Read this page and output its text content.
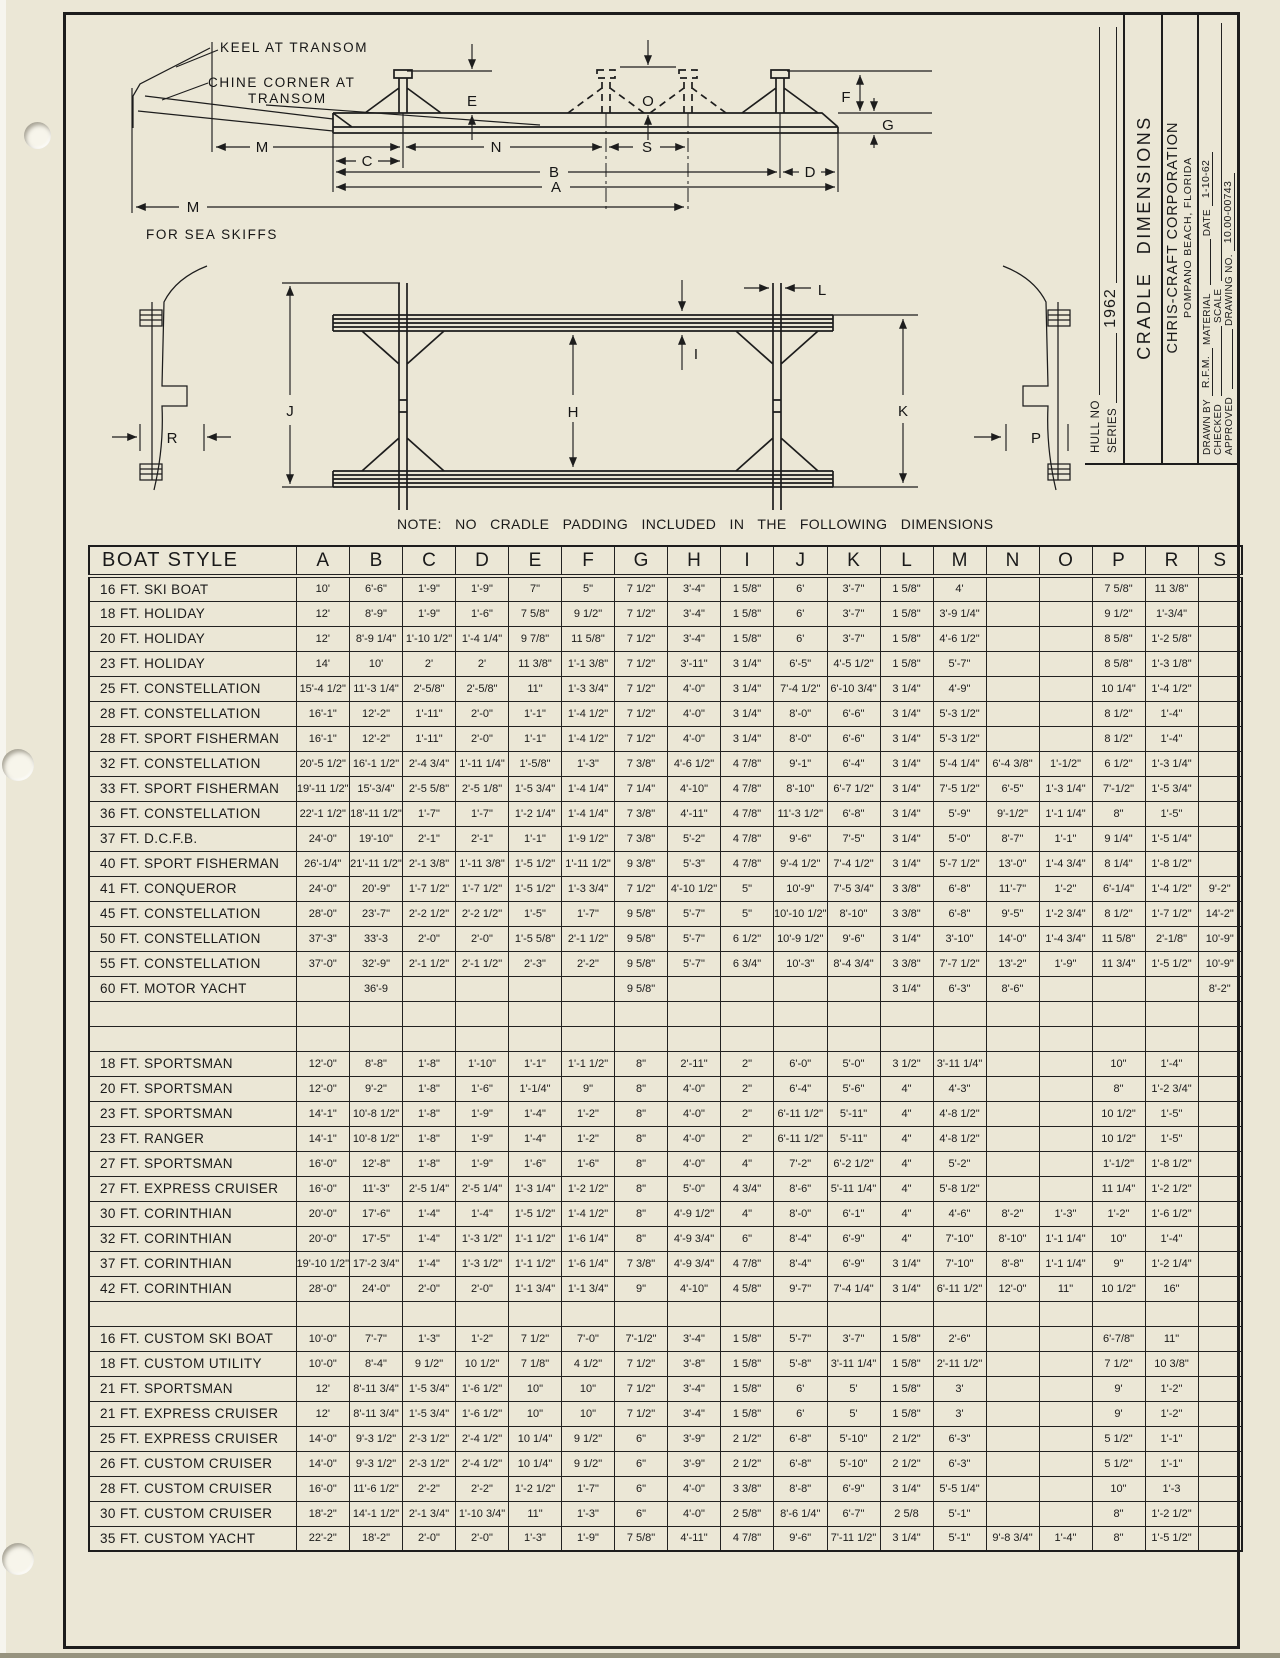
KEEL AT TRANSOM
CHINE CORNER AT
TRANSOM
FOR SEA SKIFFS
E	O	F
G
M	N	S
C
B	D
A
M
J	H
I
L
K
R	P
NOTE: NO CRADLE PADDING INCLUDED IN THE FOLLOWING DIMENSIONS
HULL NO SERIES
1962 CRADLE DIMENSIONS CHRIS-CRAFT CORPORATION POMPANO BEACH, FLORIDA
DRAWN BY
R.F.M.
MATERIAL
DATE
1-10-62
CHECKED
SCALE
APPROVED
DRAWING NO.
10.00-00743
BOAT STYLE	A	B	C	D	E	F	G	H	I	J	K	L	M	N	O	P	R	S
16 FT. SKI BOAT	10'	6'-6"	1'-9"	1'-9"	7"	5"	7 1/2"	3'-4"	1 5/8"	6'	3'-7"	1 5/8"	4'			7 5/8"	11 3/8"	
18 FT. HOLIDAY	12'	8'-9"	1'-9"	1'-6"	7 5/8"	9 1/2"	7 1/2"	3'-4"	1 5/8"	6'	3'-7"	1 5/8"	3'-9 1/4"			9 1/2"	1'-3/4"	
20 FT. HOLIDAY	12'	8'-9 1/4"	1'-10 1/2"	1'-4 1/4"	9 7/8"	11 5/8"	7 1/2"	3'-4"	1 5/8"	6'	3'-7"	1 5/8"	4'-6 1/2"			8 5/8"	1'-2 5/8"	
23 FT. HOLIDAY	14'	10'	2'	2'	11 3/8"	1'-1 3/8"	7 1/2"	3'-11"	3 1/4"	6'-5"	4'-5 1/2"	1 5/8"	5'-7"			8 5/8"	1'-3 1/8"	
25 FT. CONSTELLATION	15'-4 1/2"	11'-3 1/4"	2'-5/8"	2'-5/8"	11"	1'-3 3/4"	7 1/2"	4'-0"	3 1/4"	7'-4 1/2"	6'-10 3/4"	3 1/4"	4'-9"			10 1/4"	1'-4 1/2"	
28 FT. CONSTELLATION	16'-1"	12'-2"	1'-11"	2'-0"	1'-1"	1'-4 1/2"	7 1/2"	4'-0"	3 1/4"	8'-0"	6'-6"	3 1/4"	5'-3 1/2"			8 1/2"	1'-4"	
28 FT. SPORT FISHERMAN	16'-1"	12'-2"	1'-11"	2'-0"	1'-1"	1'-4 1/2"	7 1/2"	4'-0"	3 1/4"	8'-0"	6'-6"	3 1/4"	5'-3 1/2"			8 1/2"	1'-4"	
32 FT. CONSTELLATION	20'-5 1/2"	16'-1 1/2"	2'-4 3/4"	1'-11 1/4"	1'-5/8"	1'-3"	7 3/8"	4'-6 1/2"	4 7/8"	9'-1"	6'-4"	3 1/4"	5'-4 1/4"	6'-4 3/8"	1'-1/2"	6 1/2"	1'-3 1/4"	
33 FT. SPORT FISHERMAN	19'-11 1/2"	15'-3/4"	2'-5 5/8"	2'-5 1/8"	1'-5 3/4"	1'-4 1/4"	7 1/4"	4'-10"	4 7/8"	8'-10"	6'-7 1/2"	3 1/4"	7'-5 1/2"	6'-5"	1'-3 1/4"	7'-1/2"	1'-5 3/4"	
36 FT. CONSTELLATION	22'-1 1/2"	18'-11 1/2"	1'-7"	1'-7"	1'-2 1/4"	1'-4 1/4"	7 3/8"	4'-11"	4 7/8"	11'-3 1/2"	6'-8"	3 1/4"	5'-9"	9'-1/2"	1'-1 1/4"	8"	1'-5"	
37 FT. D.C.F.B.	24'-0"	19'-10"	2'-1"	2'-1"	1'-1"	1'-9 1/2"	7 3/8"	5'-2"	4 7/8"	9'-6"	7'-5"	3 1/4"	5'-0"	8'-7"	1'-1"	9 1/4"	1'-5 1/4"	
40 FT. SPORT FISHERMAN	26'-1/4"	21'-11 1/2"	2'-1 3/8"	1'-11 3/8"	1'-5 1/2"	1'-11 1/2"	9 3/8"	5'-3"	4 7/8"	9'-4 1/2"	7'-4 1/2"	3 1/4"	5'-7 1/2"	13'-0"	1'-4 3/4"	8 1/4"	1'-8 1/2"	
41 FT. CONQUEROR	24'-0"	20'-9"	1'-7 1/2"	1'-7 1/2"	1'-5 1/2"	1'-3 3/4"	7 1/2"	4'-10 1/2"	5"	10'-9"	7'-5 3/4"	3 3/8"	6'-8"	11'-7"	1'-2"	6'-1/4"	1'-4 1/2"	9'-2"
45 FT. CONSTELLATION	28'-0"	23'-7"	2'-2 1/2"	2'-2 1/2"	1'-5"	1'-7"	9 5/8"	5'-7"	5"	10'-10 1/2"	8'-10"	3 3/8"	6'-8"	9'-5"	1'-2 3/4"	8 1/2"	1'-7 1/2"	14'-2"
50 FT. CONSTELLATION	37'-3"	33'-3	2'-0"	2'-0"	1'-5 5/8"	2'-1 1/2"	9 5/8"	5'-7"	6 1/2"	10'-9 1/2"	9'-6"	3 1/4"	3'-10"	14'-0"	1'-4 3/4"	11 5/8"	2'-1/8"	10'-9"
55 FT. CONSTELLATION	37'-0"	32'-9"	2'-1 1/2"	2'-1 1/2"	2'-3"	2'-2"	9 5/8"	5'-7"	6 3/4"	10'-3"	8'-4 3/4"	3 3/8"	7'-7 1/2"	13'-2"	1'-9"	11 3/4"	1'-5 1/2"	10'-9"
60 FT. MOTOR YACHT		36'-9					9 5/8"					3 1/4"	6'-3"	8'-6"				8'-2"

18 FT. SPORTSMAN	12'-0"	8'-8"	1'-8"	1'-10"	1'-1"	1'-1 1/2"	8"	2'-11"	2"	6'-0"	5'-0"	3 1/2"	3'-11 1/4"			10"	1'-4"	
20 FT. SPORTSMAN	12'-0"	9'-2"	1'-8"	1'-6"	1'-1/4"	9"	8"	4'-0"	2"	6'-4"	5'-6"	4"	4'-3"			8"	1'-2 3/4"	
23 FT. SPORTSMAN	14'-1"	10'-8 1/2"	1'-8"	1'-9"	1'-4"	1'-2"	8"	4'-0"	2"	6'-11 1/2"	5'-11"	4"	4'-8 1/2"			10 1/2"	1'-5"	
23 FT. RANGER	14'-1"	10'-8 1/2"	1'-8"	1'-9"	1'-4"	1'-2"	8"	4'-0"	2"	6'-11 1/2"	5'-11"	4"	4'-8 1/2"			10 1/2"	1'-5"	
27 FT. SPORTSMAN	16'-0"	12'-8"	1'-8"	1'-9"	1'-6"	1'-6"	8"	4'-0"	4"	7'-2"	6'-2 1/2"	4"	5'-2"			1'-1/2"	1'-8 1/2"	
27 FT. EXPRESS CRUISER	16'-0"	11'-3"	2'-5 1/4"	2'-5 1/4"	1'-3 1/4"	1'-2 1/2"	8"	5'-0"	4 3/4"	8'-6"	5'-11 1/4"	4"	5'-8 1/2"			11 1/4"	1'-2 1/2"	
30 FT. CORINTHIAN	20'-0"	17'-6"	1'-4"	1'-4"	1'-5 1/2"	1'-4 1/2"	8"	4'-9 1/2"	4"	8'-0"	6'-1"	4"	4'-6"	8'-2"	1'-3"	1'-2"	1'-6 1/2"	
32 FT. CORINTHIAN	20'-0"	17'-5"	1'-4"	1'-3 1/2"	1'-1 1/2"	1'-6 1/4"	8"	4'-9 3/4"	6"	8'-4"	6'-9"	4"	7'-10"	8'-10"	1'-1 1/4"	10"	1'-4"	
37 FT. CORINTHIAN	19'-10 1/2"	17'-2 3/4"	1'-4"	1'-3 1/2"	1'-1 1/2"	1'-6 1/4"	7 3/8"	4'-9 3/4"	4 7/8"	8'-4"	6'-9"	3 1/4"	7'-10"	8'-8"	1'-1 1/4"	9"	1'-2 1/4"	
42 FT. CORINTHIAN	28'-0"	24'-0"	2'-0"	2'-0"	1'-1 3/4"	1'-1 3/4"	9"	4'-10"	4 5/8"	9'-7"	7'-4 1/4"	3 1/4"	6'-11 1/2"	12'-0"	11"	10 1/2"	16"	

16 FT. CUSTOM SKI BOAT	10'-0"	7'-7"	1'-3"	1'-2"	7 1/2"	7'-0"	7'-1/2"	3'-4"	1 5/8"	5'-7"	3'-7"	1 5/8"	2'-6"			6'-7/8"	11"	
18 FT. CUSTOM UTILITY	10'-0"	8'-4"	9 1/2"	10 1/2"	7 1/8"	4 1/2"	7 1/2"	3'-8"	1 5/8"	5'-8"	3'-11 1/4"	1 5/8"	2'-11 1/2"			7 1/2"	10 3/8"	
21 FT. SPORTSMAN	12'	8'-11 3/4"	1'-5 3/4"	1'-6 1/2"	10"	10"	7 1/2"	3'-4"	1 5/8"	6'	5'	1 5/8"	3'			9'	1'-2"	
21 FT. EXPRESS CRUISER	12'	8'-11 3/4"	1'-5 3/4"	1'-6 1/2"	10"	10"	7 1/2"	3'-4"	1 5/8"	6'	5'	1 5/8"	3'			9'	1'-2"	
25 FT. EXPRESS CRUISER	14'-0"	9'-3 1/2"	2'-3 1/2"	2'-4 1/2"	10 1/4"	9 1/2"	6"	3'-9"	2 1/2"	6'-8"	5'-10"	2 1/2"	6'-3"			5 1/2"	1'-1"	
26 FT. CUSTOM CRUISER	14'-0"	9'-3 1/2"	2'-3 1/2"	2'-4 1/2"	10 1/4"	9 1/2"	6"	3'-9"	2 1/2"	6'-8"	5'-10"	2 1/2"	6'-3"			5 1/2"	1'-1"	
28 FT. CUSTOM CRUISER	16'-0"	11'-6 1/2"	2'-2"	2'-2"	1'-2 1/2"	1'-7"	6"	4'-0"	3 3/8"	8'-8"	6'-9"	3 1/4"	5'-5 1/4"			10"	1'-3	
30 FT. CUSTOM CRUISER	18'-2"	14'-1 1/2"	2'-1 3/4"	1'-10 3/4"	11"	1'-3"	6"	4'-0"	2 5/8"	8'-6 1/4"	6'-7"	2 5/8	5'-1"			8"	1'-2 1/2"	
35 FT. CUSTOM YACHT	22'-2"	18'-2"	2'-0"	2'-0"	1'-3"	1'-9"	7 5/8"	4'-11"	4 7/8"	9'-6"	7'-11 1/2"	3 1/4"	5'-1"	9'-8 3/4"	1'-4"	8"	1'-5 1/2"	
